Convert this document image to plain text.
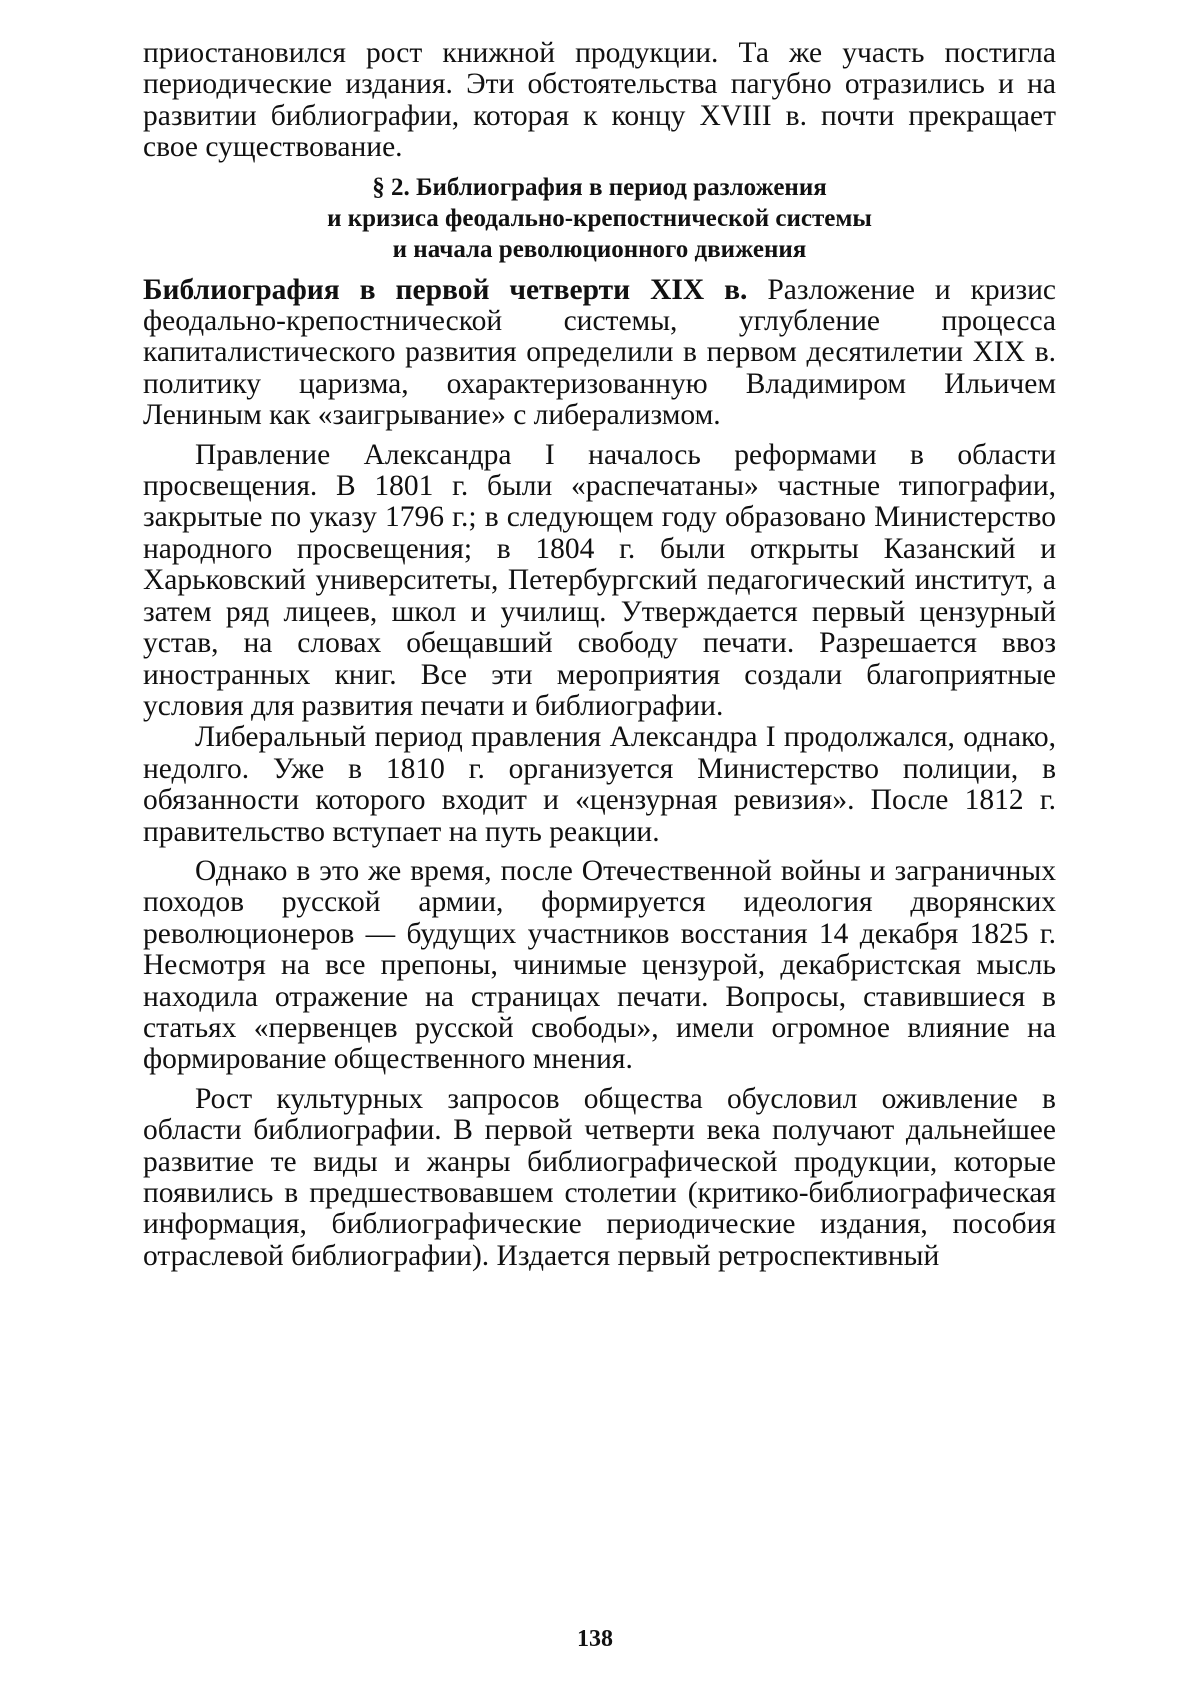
приостановился рост книжной продукции. Та же участь постигла периодические издания. Эти обстоятельства пагубно отразились и на развитии библиографии, которая к концу XVIII в. почти прекращает свое существование.

§ 2. Библиография в период разложения
и кризиса феодально-крепостнической системы
и начала революционного движения

Библиография в первой четверти XIX в. Разложение и кризис феодально-крепостнической системы, углубление процесса капиталистического развития определили в первом десятилетии XIX в. политику царизма, охарактеризованную Владимиром Ильичем Лениным как «заигрывание» с либерализмом.

Правление Александра I началось реформами в области просвещения. В 1801 г. были «распечатаны» частные типографии, закрытые по указу 1796 г.; в следующем году образовано Министерство народного просвещения; в 1804 г. были открыты Казанский и Харьковский университеты, Петербургский педагогический институт, а затем ряд лицеев, школ и училищ. Утверждается первый цензурный устав, на словах обещавший свободу печати. Разрешается ввоз иностранных книг. Все эти мероприятия создали благоприятные условия для развития печати и библиографии.

Либеральный период правления Александра I продолжался, однако, недолго. Уже в 1810 г. организуется Министерство полиции, в обязанности которого входит и «цензурная ревизия». После 1812 г. правительство вступает на путь реакции.

Однако в это же время, после Отечественной войны и заграничных походов русской армии, формируется идеология дворянских революционеров — будущих участников восстания 14 декабря 1825 г. Несмотря на все препоны, чинимые цензурой, декабристская мысль находила отражение на страницах печати. Вопросы, ставившиеся в статьях «первенцев русской свободы», имели огромное влияние на формирование общественного мнения.

Рост культурных запросов общества обусловил оживление в области библиографии. В первой четверти века получают дальнейшее развитие те виды и жанры библиографической продукции, которые появились в предшествовавшем столетии (критико-библиографическая информация, библиографические периодические издания, пособия отраслевой библиографии). Издается первый ретроспективный

138
